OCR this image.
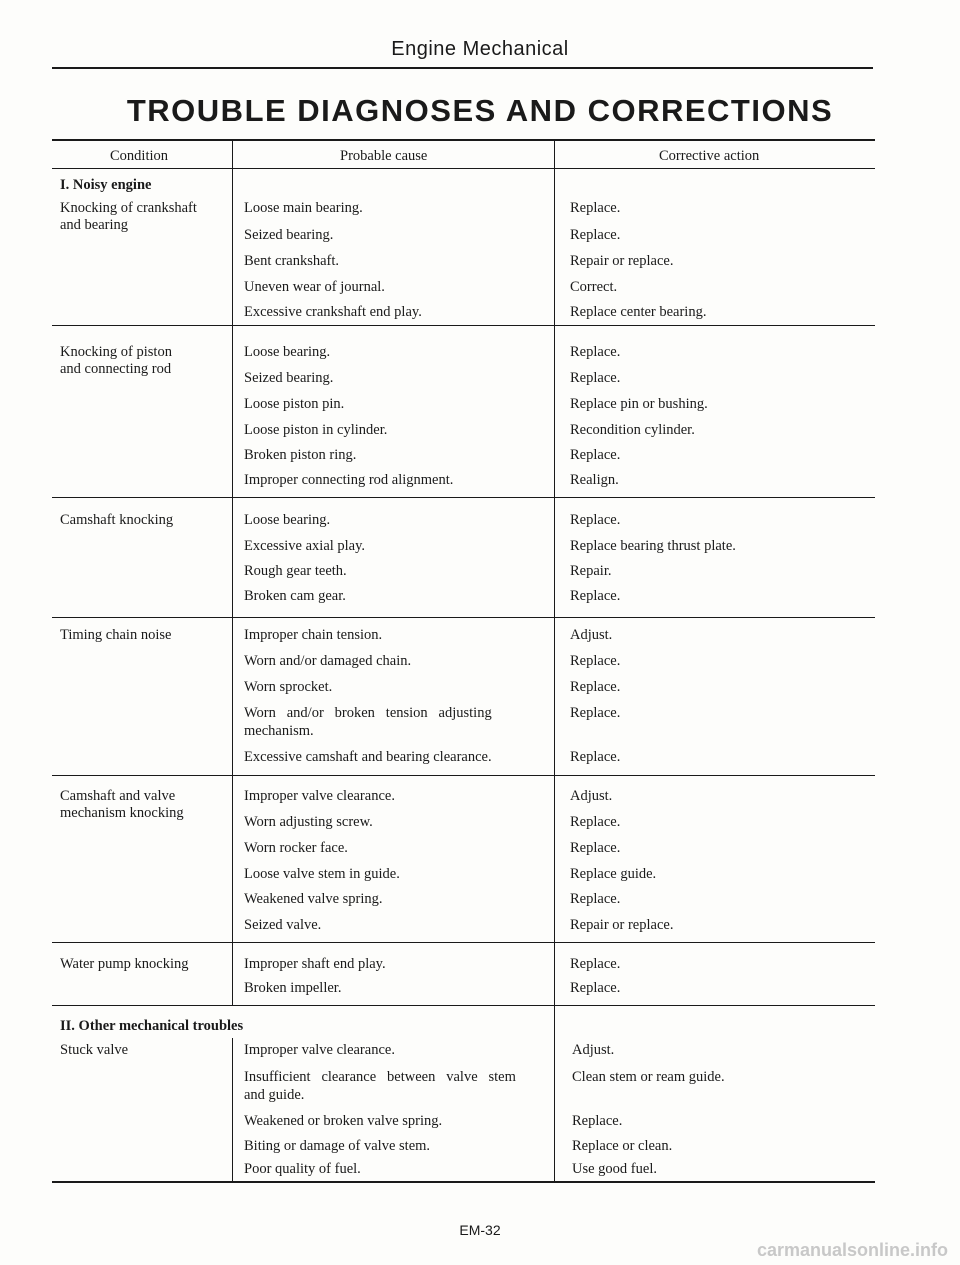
Engine Mechanical
TROUBLE DIAGNOSES AND CORRECTIONS
Condition	Probable cause	Corrective action
I. Noisy engine
Knocking of crankshaft
and bearing
Loose main bearing.	Replace.
Seized bearing.	Replace.
Bent crankshaft.	Repair or replace.
Uneven wear of journal.	Correct.
Excessive crankshaft end play.	Replace center bearing.
Knocking of piston
and connecting rod
Loose bearing.	Replace.
Seized bearing.	Replace.
Loose piston pin.	Replace pin or bushing.
Loose piston in cylinder.	Recondition cylinder.
Broken piston ring.	Replace.
Improper connecting rod alignment.	Realign.
Camshaft knocking	Loose bearing.	Replace.
Excessive axial play.	Replace bearing thrust plate.
Rough gear teeth.	Repair.
Broken cam gear.	Replace.
Timing chain noise	Improper chain tension.	Adjust.
Worn and/or damaged chain.	Replace.
Worn sprocket.	Replace.
Worn   and/or   broken   tension   adjusting	Replace.
mechanism.
Excessive camshaft and bearing clearance.	Replace.
Camshaft and valve
mechanism knocking
Improper valve clearance.	Adjust.
Worn adjusting screw.	Replace.
Worn rocker face.	Replace.
Loose valve stem in guide.	Replace guide.
Weakened valve spring.	Replace.
Seized valve.	Repair or replace.
Water pump knocking	Improper shaft end play.	Replace.
Broken impeller.	Replace.
II. Other mechanical troubles
Stuck valve	Improper valve clearance.	Adjust.
Insufficient   clearance   between   valve   stem	Clean stem or ream guide.
and guide.
Weakened or broken valve spring.	Replace.
Biting or damage of valve stem.	Replace or clean.
Poor quality of fuel.	Use good fuel.
EM-32
carmanualsonline.info
